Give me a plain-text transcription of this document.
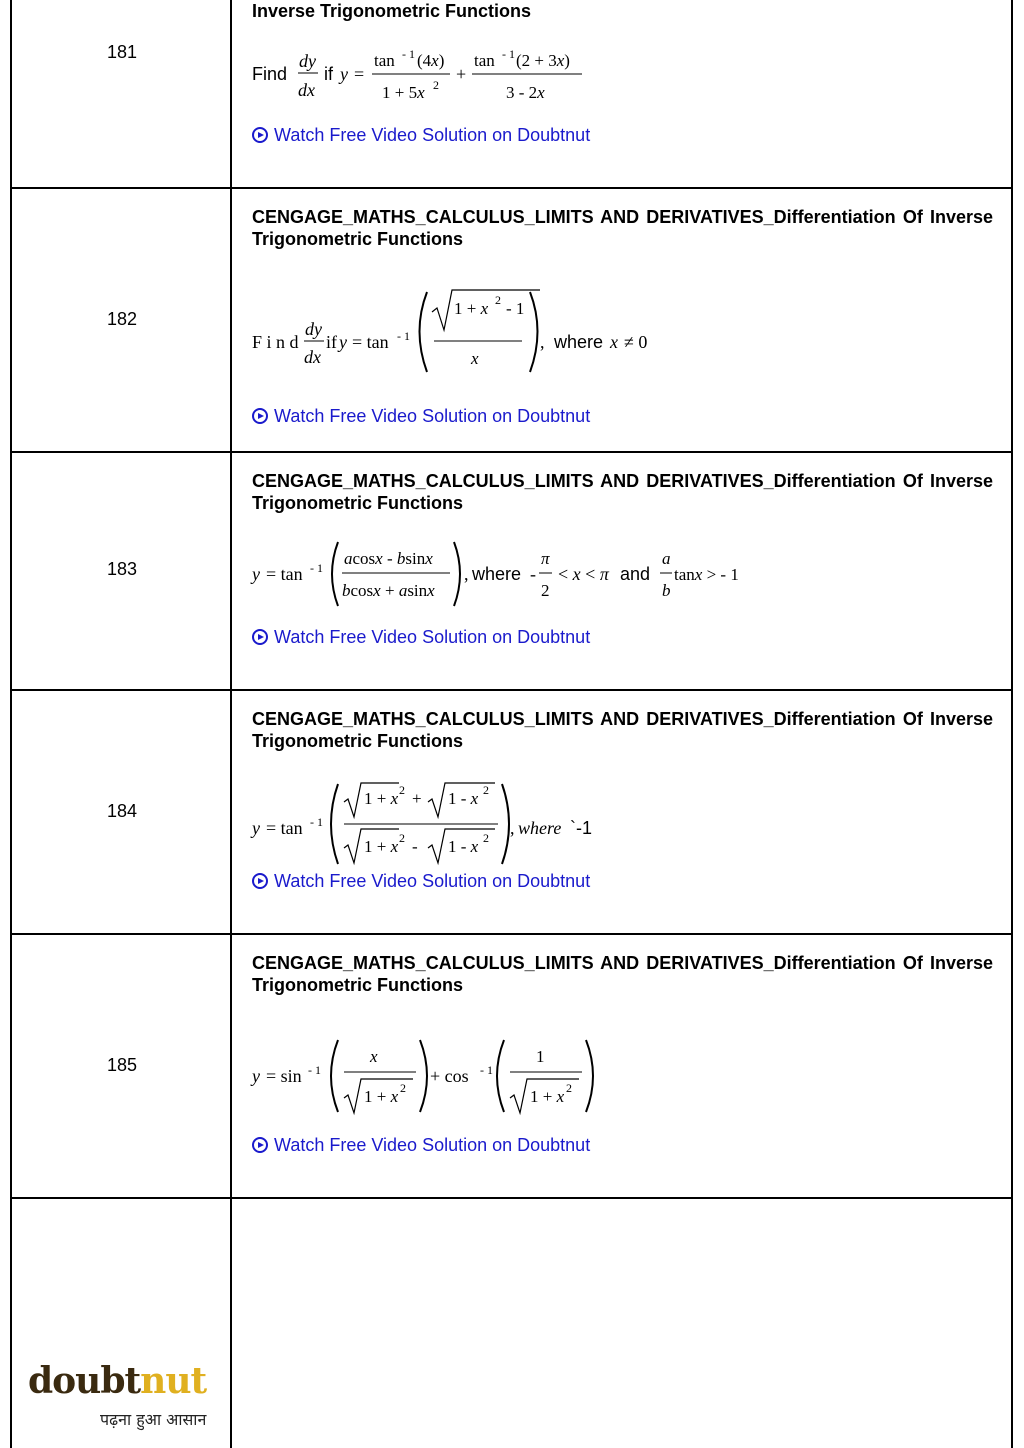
181
Inverse Trigonometric Functions
Find
dy
dx
if y =
tan - 1 (4x)
1 + 5x 2
+
tan - 1 (2 + 3x)
3 - 2x
Watch Free Video Solution on Doubtnut
182
CENGAGE_MATHS_CALCULUS_LIMITS AND DERIVATIVES_Differentiation Of Inverse Trigonometric Functions
F i n d
dy
dx
if y = tan - 1
1 + x 2 - 1
x
, where x ≠ 0
Watch Free Video Solution on Doubtnut
183
CENGAGE_MATHS_CALCULUS_LIMITS AND DERIVATIVES_Differentiation Of Inverse Trigonometric Functions
y = tan - 1 acosx - bsinx
bcosx + asinx
, where -
π
2
< x < π and
a
b
tanx > - 1
Watch Free Video Solution on Doubtnut
184
CENGAGE_MATHS_CALCULUS_LIMITS AND DERIVATIVES_Differentiation Of Inverse Trigonometric Functions
y = tan - 1
1 + x 2 + 1 - x 2
1 + x 2 - 1 - x 2 , where `-1
Watch Free Video Solution on Doubtnut
185
CENGAGE_MATHS_CALCULUS_LIMITS AND DERIVATIVES_Differentiation Of Inverse Trigonometric Functions
y = sin - 1
x
1 + x 2
+ cos - 1
1
1 + x 2
Watch Free Video Solution on Doubtnut
doubtnut
पढ़ना हुआ आसान
